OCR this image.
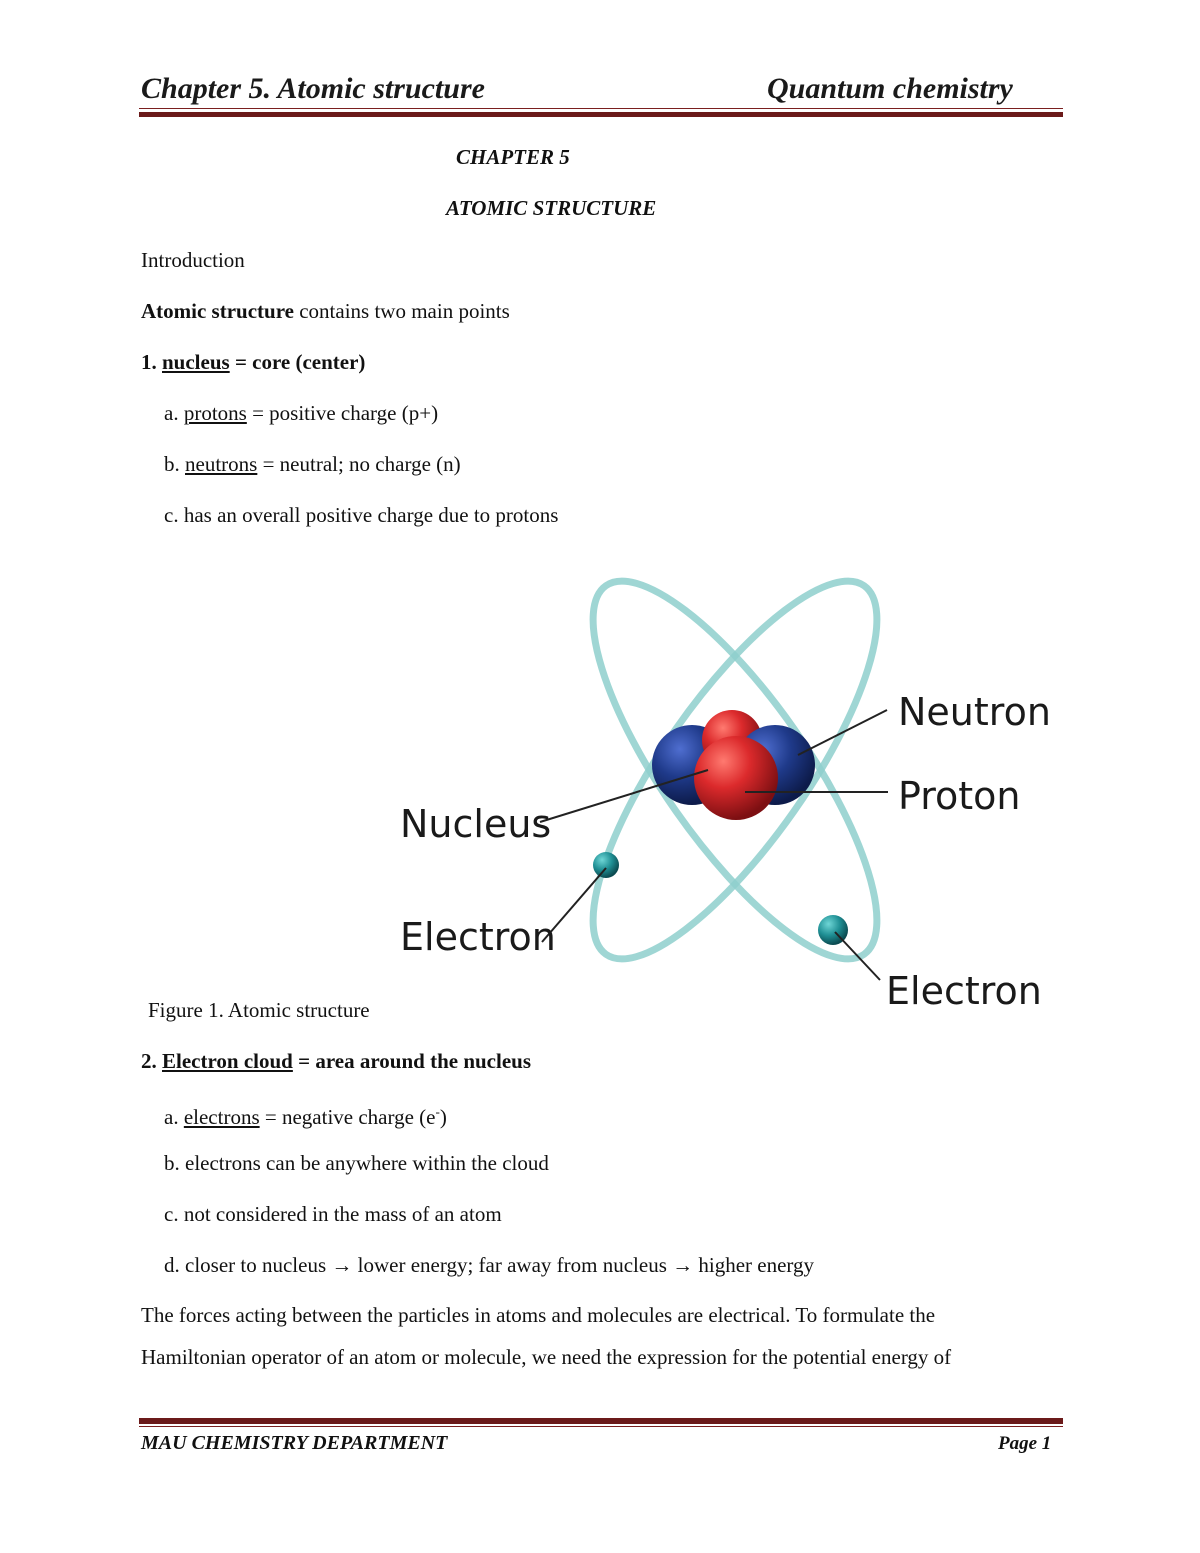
Chapter 5. Atomic structure	Quantum chemistry
CHAPTER 5
ATOMIC STRUCTURE
Introduction
Atomic structure contains two main points
1. nucleus = core (center)
a. protons = positive charge (p+)
b. neutrons = neutral; no charge (n)
c. has an overall positive charge due to protons
Neutron
Proton
Nucleus
Electron
Electron
Figure 1. Atomic structure
2. Electron cloud = area around the nucleus
a. electrons = negative charge (e-)
b. electrons can be anywhere within the cloud
c. not considered in the mass of an atom
d. closer to nucleus → lower energy; far away from nucleus → higher energy
The forces acting between the particles in atoms and molecules are electrical. To formulate the
Hamiltonian operator of an atom or molecule, we need the expression for the potential energy of
MAU CHEMISTRY DEPARTMENT	Page 1
